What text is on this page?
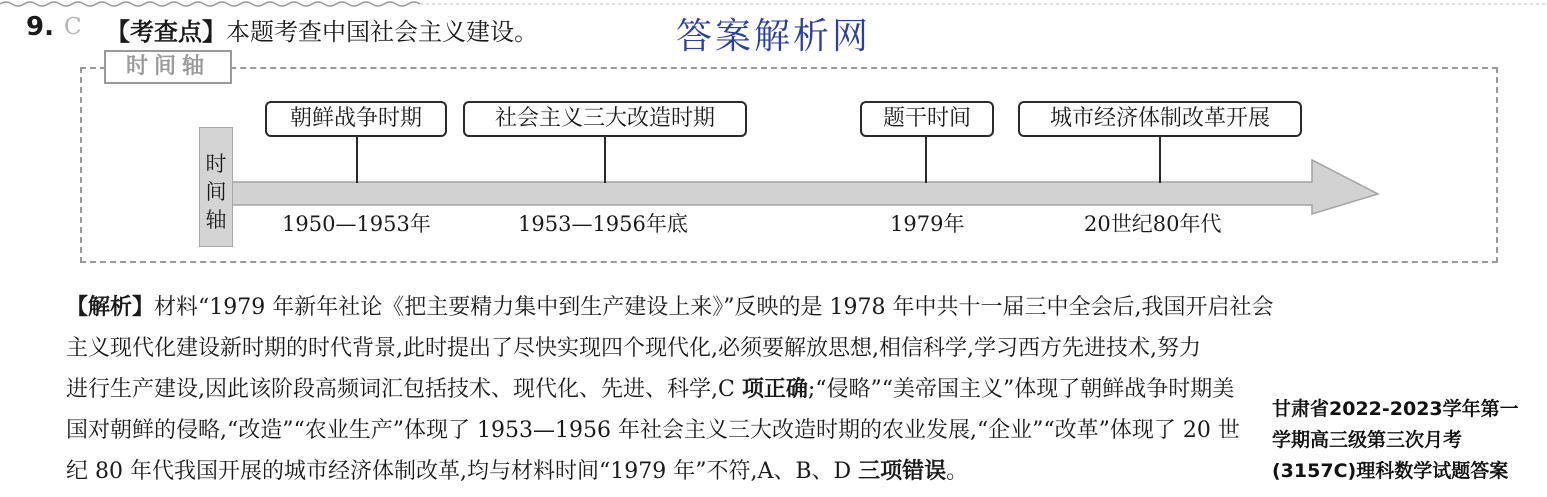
9. C 【考查点】本题考查中国社会主义建设。	答案解析网
时间轴
时间轴
朝鲜战争时期	社会主义三大改造时期	题干时间	城市经济体制改革开展
1950—1953年	1953—1956年底	1979年	20世纪80年代
【解析】材料“1979 年新年社论《把主要精力集中到生产建设上来》”反映的是 1978 年中共十一届三中全会后,我国开启社会
主义现代化建设新时期的时代背景,此时提出了尽快实现四个现代化,必须要解放思想,相信科学,学习西方先进技术,努力
进行生产建设,因此该阶段高频词汇包括技术、现代化、先进、科学,C 项正确;“侵略”“美帝国主义”体现了朝鲜战争时期美
国对朝鲜的侵略,“改造”“农业生产”体现了 1953—1956 年社会主义三大改造时期的农业发展,“企业”“改革”体现了 20 世
纪 80 年代我国开展的城市经济体制改革,均与材料时间“1979 年”不符,A、B、D 三项错误。
甘肃省2022-2023学年第一学期高三级第三次月考(3157C)理科数学试题答案
